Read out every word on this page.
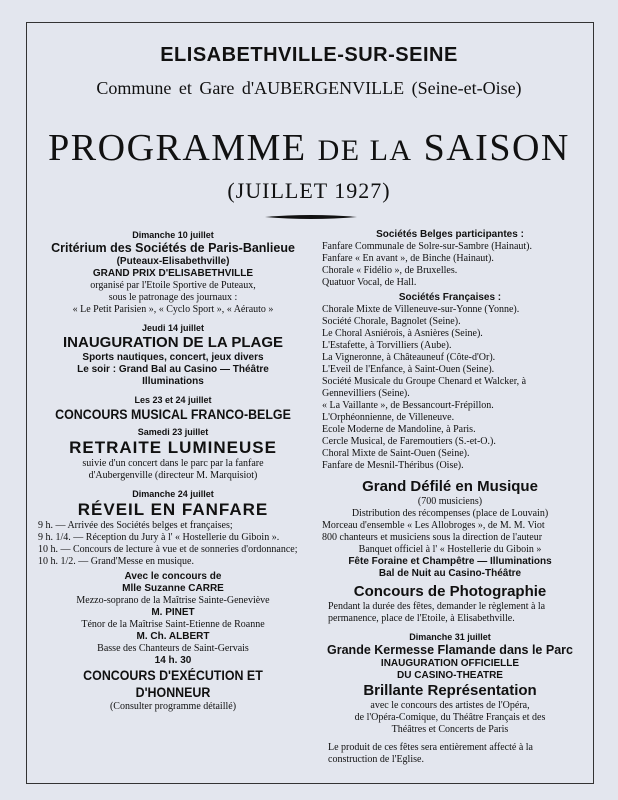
ELISABETHVILLE-SUR-SEINE
Commune et Gare d'AUBERGENVILLE (Seine-et-Oise)
PROGRAMME DE LA SAISON
(JUILLET 1927)
Dimanche 10 juillet
Critérium des Sociétés de Paris-Banlieue
(Puteaux-Elisabethville)
GRAND PRIX D'ELISABETHVILLE
organisé par l'Etoile Sportive de Puteaux,
sous le patronage des journaux :
« Le Petit Parisien », « Cyclo Sport », « Aérauto »
Jeudi 14 juillet
INAUGURATION DE LA PLAGE
Sports nautiques, concert, jeux divers
Le soir : Grand Bal au Casino — Théâtre
Illuminations
Les 23 et 24 juillet
CONCOURS MUSICAL FRANCO-BELGE
Samedi 23 juillet
RETRAITE LUMINEUSE
suivie d'un concert dans le parc par la fanfare
d'Aubergenville (directeur M. Marquisiot)
Dimanche 24 juillet
RÉVEIL EN FANFARE
9 h. — Arrivée des Sociétés belges et françaises;
9 h. 1/4. — Réception du Jury à l' « Hostellerie du Giboin ».
10 h. — Concours de lecture à vue et de sonneries d'ordonnance;
10 h. 1/2. — Grand'Messe en musique.
Avec le concours de
Mlle Suzanne CARRE
Mezzo-soprano de la Maîtrise Sainte-Geneviève
M. PINET
Ténor de la Maîtrise Saint-Etienne de Roanne
M. Ch. ALBERT
Basse des Chanteurs de Saint-Gervais
14 h. 30
CONCOURS D'EXÉCUTION ET D'HONNEUR
(Consulter programme détaillé)
Sociétés Belges participantes :
Fanfare Communale de Solre-sur-Sambre (Hainaut).
Fanfare « En avant », de Binche (Hainaut).
Chorale « Fidélio », de Bruxelles.
Quatuor Vocal, de Hall.
Sociétés Françaises :
Chorale Mixte de Villeneuve-sur-Yonne (Yonne).
Société Chorale, Bagnolet (Seine).
Le Choral Asniérois, à Asnières (Seine).
L'Estafette, à Torvilliers (Aube).
La Vigneronne, à Châteauneuf (Côte-d'Or).
L'Eveil de l'Enfance, à Saint-Ouen (Seine).
Société Musicale du Groupe Chenard et Walcker, à Gennevilliers (Seine).
« La Vaillante », de Bessancourt-Frépillon.
L'Orphéonnienne, de Villeneuve.
Ecole Moderne de Mandoline, à Paris.
Cercle Musical, de Faremoutiers (S.-et-O.).
Choral Mixte de Saint-Ouen (Seine).
Fanfare de Mesnil-Théribus (Oise).
Grand Défilé en Musique
(700 musiciens)
Distribution des récompenses (place de Louvain)
Morceau d'ensemble « Les Allobroges », de M. M. Viot
800 chanteurs et musiciens sous la direction de l'auteur
Banquet officiel à l' « Hostellerie du Giboin »
Fête Foraine et Champêtre — Illuminations
Bal de Nuit au Casino-Théâtre
Concours de Photographie
Pendant la durée des fêtes, demander le règlement à la permanence, place de l'Etoile, à Elisabethville.
Dimanche 31 juillet
Grande Kermesse Flamande dans le Parc
INAUGURATION OFFICIELLE
DU CASINO-THEATRE
Brillante Représentation
avec le concours des artistes de l'Opéra,
de l'Opéra-Comique, du Théâtre Français et des
Théâtres et Concerts de Paris
Le produit de ces fêtes sera entièrement affecté à la construction de l'Eglise.
